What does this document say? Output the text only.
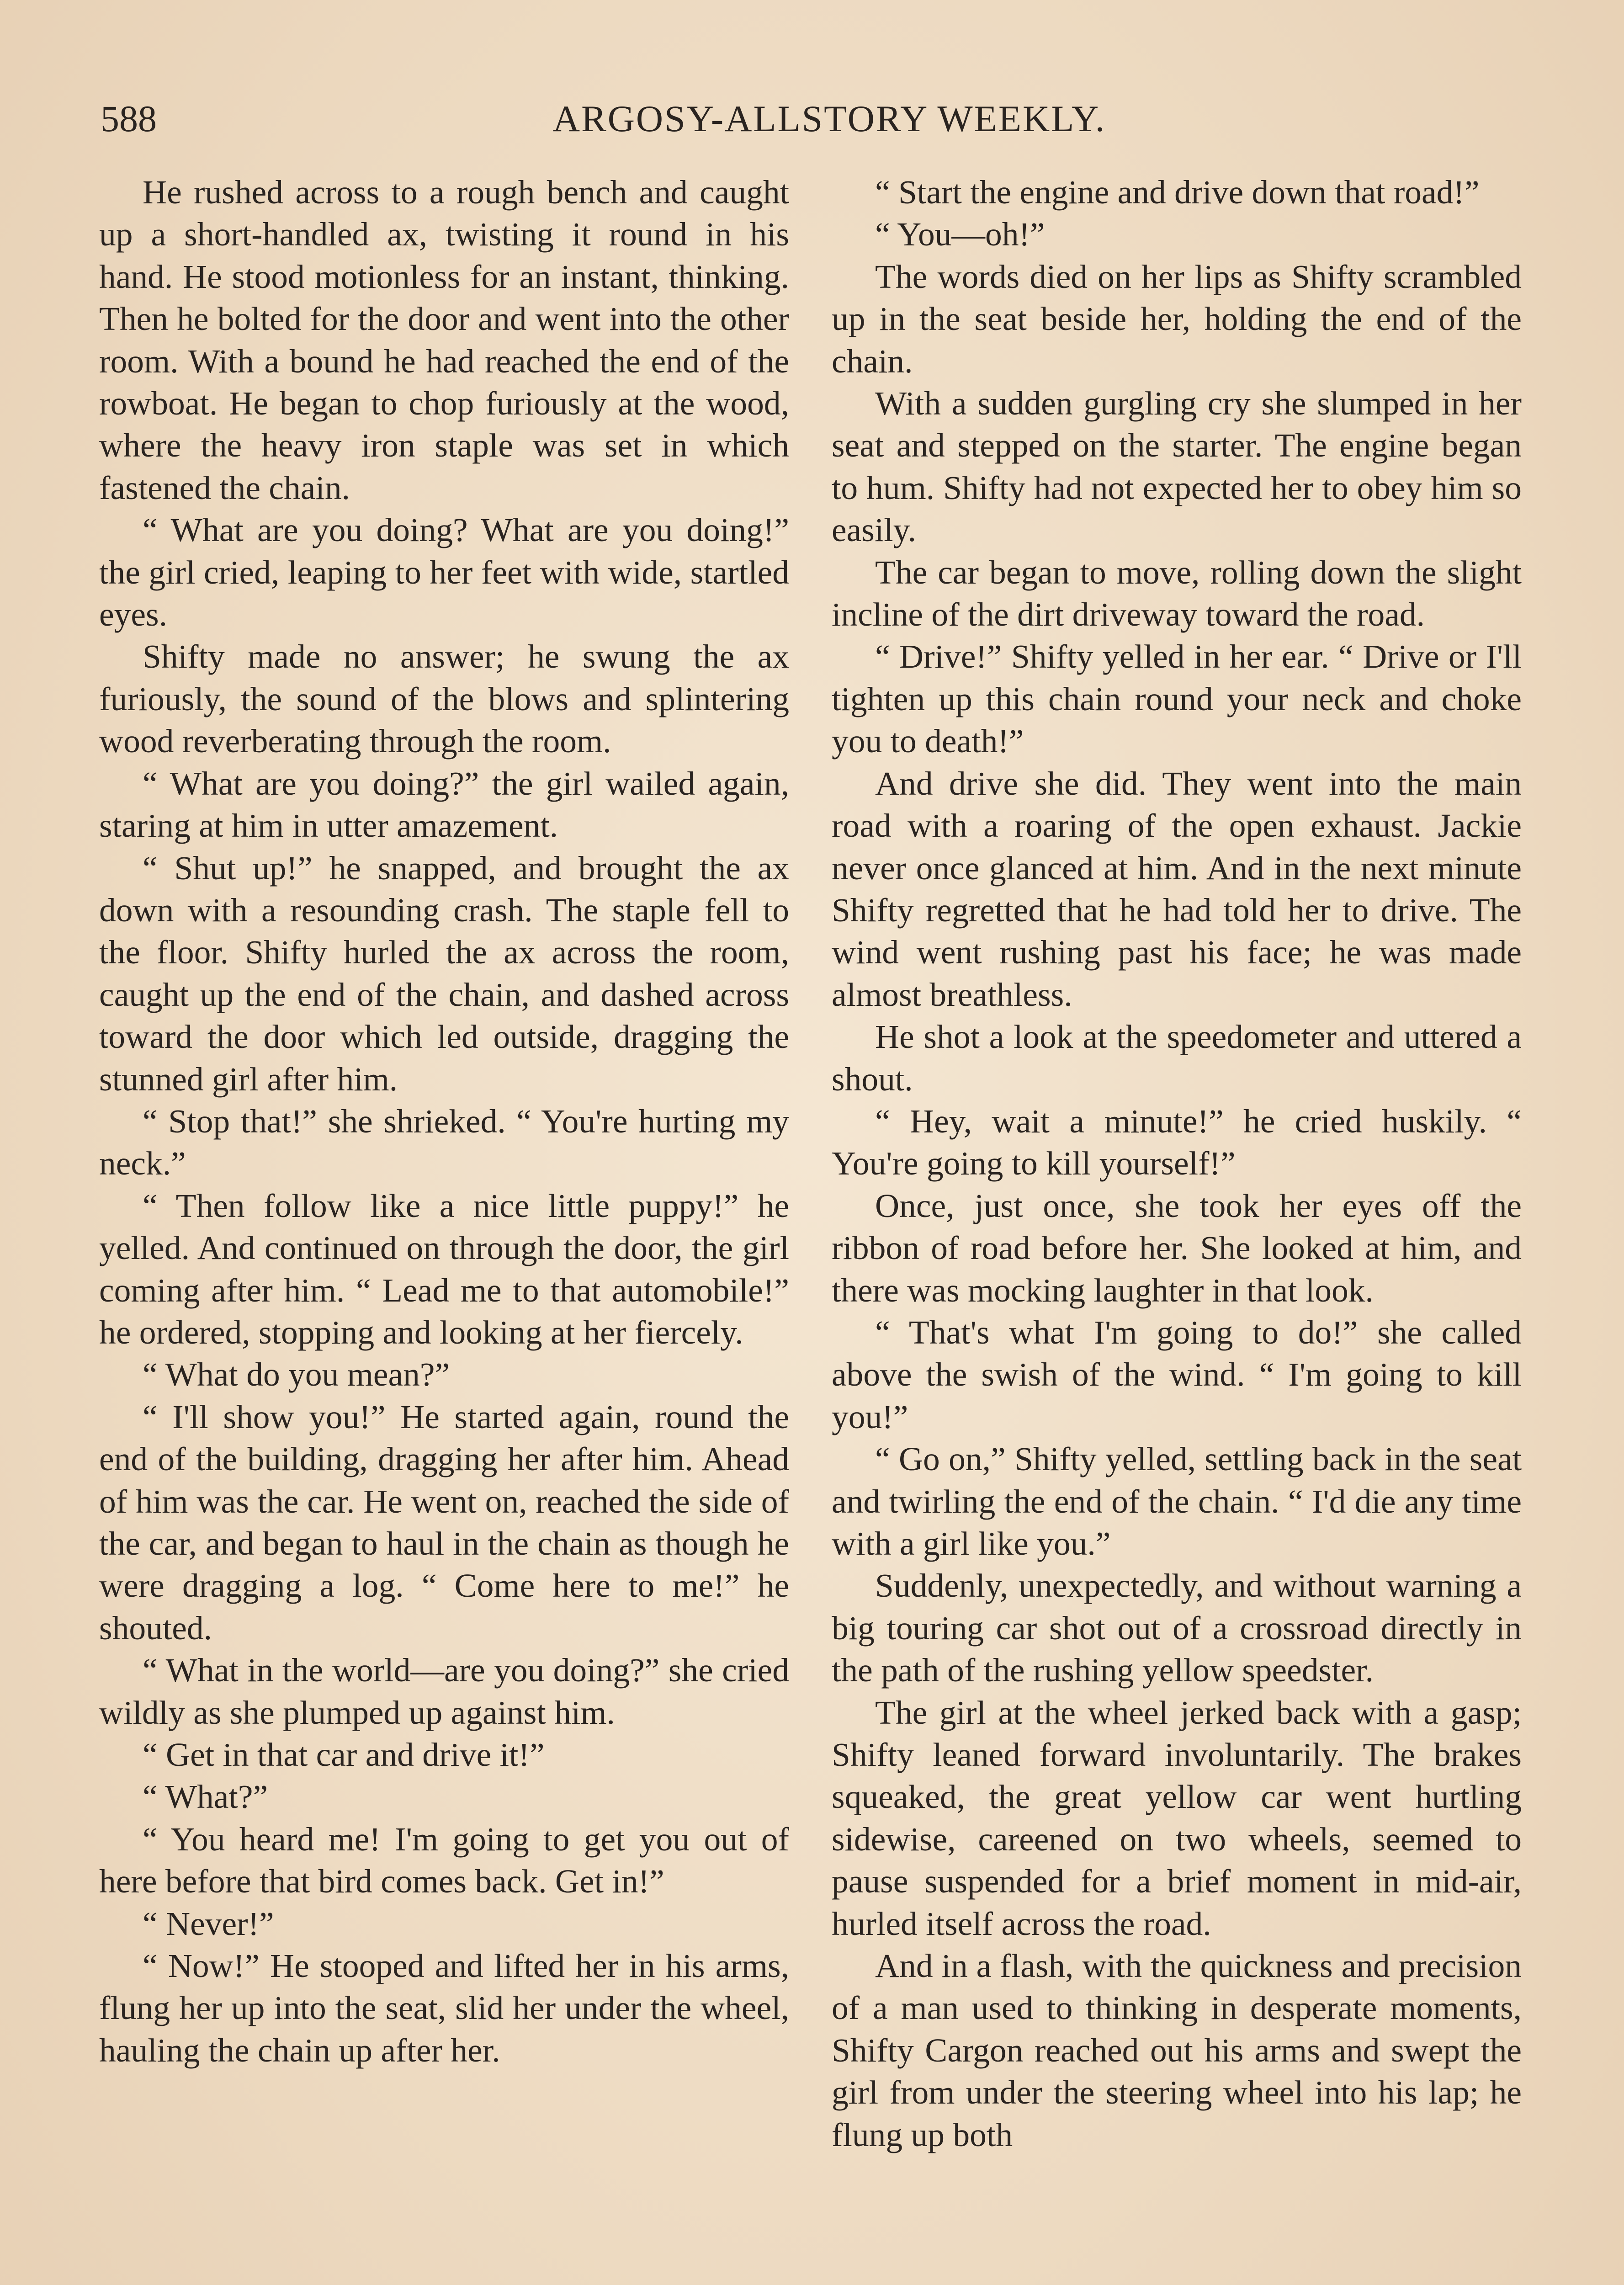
588	ARGOSY-ALLSTORY WEEKLY.

He rushed across to a rough bench and caught up a short-handled ax, twisting it round in his hand. He stood motionless for an instant, thinking. Then he bolted for the door and went into the other room. With a bound he had reached the end of the rowboat. He began to chop furiously at the wood, where the heavy iron staple was set in which fastened the chain.

“ What are you doing? What are you doing!” the girl cried, leaping to her feet with wide, startled eyes.

Shifty made no answer; he swung the ax furiously, the sound of the blows and splintering wood reverberating through the room.

“ What are you doing?” the girl wailed again, staring at him in utter amazement.

“ Shut up!” he snapped, and brought the ax down with a resounding crash. The staple fell to the floor. Shifty hurled the ax across the room, caught up the end of the chain, and dashed across toward the door which led outside, dragging the stunned girl after him.

“ Stop that!” she shrieked. “ You're hurting my neck.”

“ Then follow like a nice little puppy!” he yelled. And continued on through the door, the girl coming after him. “ Lead me to that automobile!” he ordered, stopping and looking at her fiercely.

“ What do you mean?”

“ I'll show you!” He started again, round the end of the building, dragging her after him. Ahead of him was the car. He went on, reached the side of the car, and began to haul in the chain as though he were dragging a log. “ Come here to me!” he shouted.

“ What in the world—are you doing?” she cried wildly as she plumped up against him.

“ Get in that car and drive it!”

“ What?”

“ You heard me! I'm going to get you out of here before that bird comes back. Get in!”

“ Never!”

“ Now!” He stooped and lifted her in his arms, flung her up into the seat, slid her under the wheel, hauling the chain up after her.

“ Start the engine and drive down that road!”

“ You—oh!”

The words died on her lips as Shifty scrambled up in the seat beside her, holding the end of the chain.

With a sudden gurgling cry she slumped in her seat and stepped on the starter. The engine began to hum. Shifty had not expected her to obey him so easily.

The car began to move, rolling down the slight incline of the dirt driveway toward the road.

“ Drive!” Shifty yelled in her ear. “ Drive or I'll tighten up this chain round your neck and choke you to death!”

And drive she did. They went into the main road with a roaring of the open exhaust. Jackie never once glanced at him. And in the next minute Shifty regretted that he had told her to drive. The wind went rushing past his face; he was made almost breathless.

He shot a look at the speedometer and uttered a shout.

“ Hey, wait a minute!” he cried huskily. “ You're going to kill yourself!”

Once, just once, she took her eyes off the ribbon of road before her. She looked at him, and there was mocking laughter in that look.

“ That's what I'm going to do!” she called above the swish of the wind. “ I'm going to kill you!”

“ Go on,” Shifty yelled, settling back in the seat and twirling the end of the chain. “ I'd die any time with a girl like you.”

Suddenly, unexpectedly, and without warning a big touring car shot out of a crossroad directly in the path of the rushing yellow speedster.

The girl at the wheel jerked back with a gasp; Shifty leaned forward involuntarily. The brakes squeaked, the great yellow car went hurtling sidewise, careened on two wheels, seemed to pause suspended for a brief moment in mid-air, hurled itself across the road.

And in a flash, with the quickness and precision of a man used to thinking in desperate moments, Shifty Cargon reached out his arms and swept the girl from under the steering wheel into his lap; he flung up both
